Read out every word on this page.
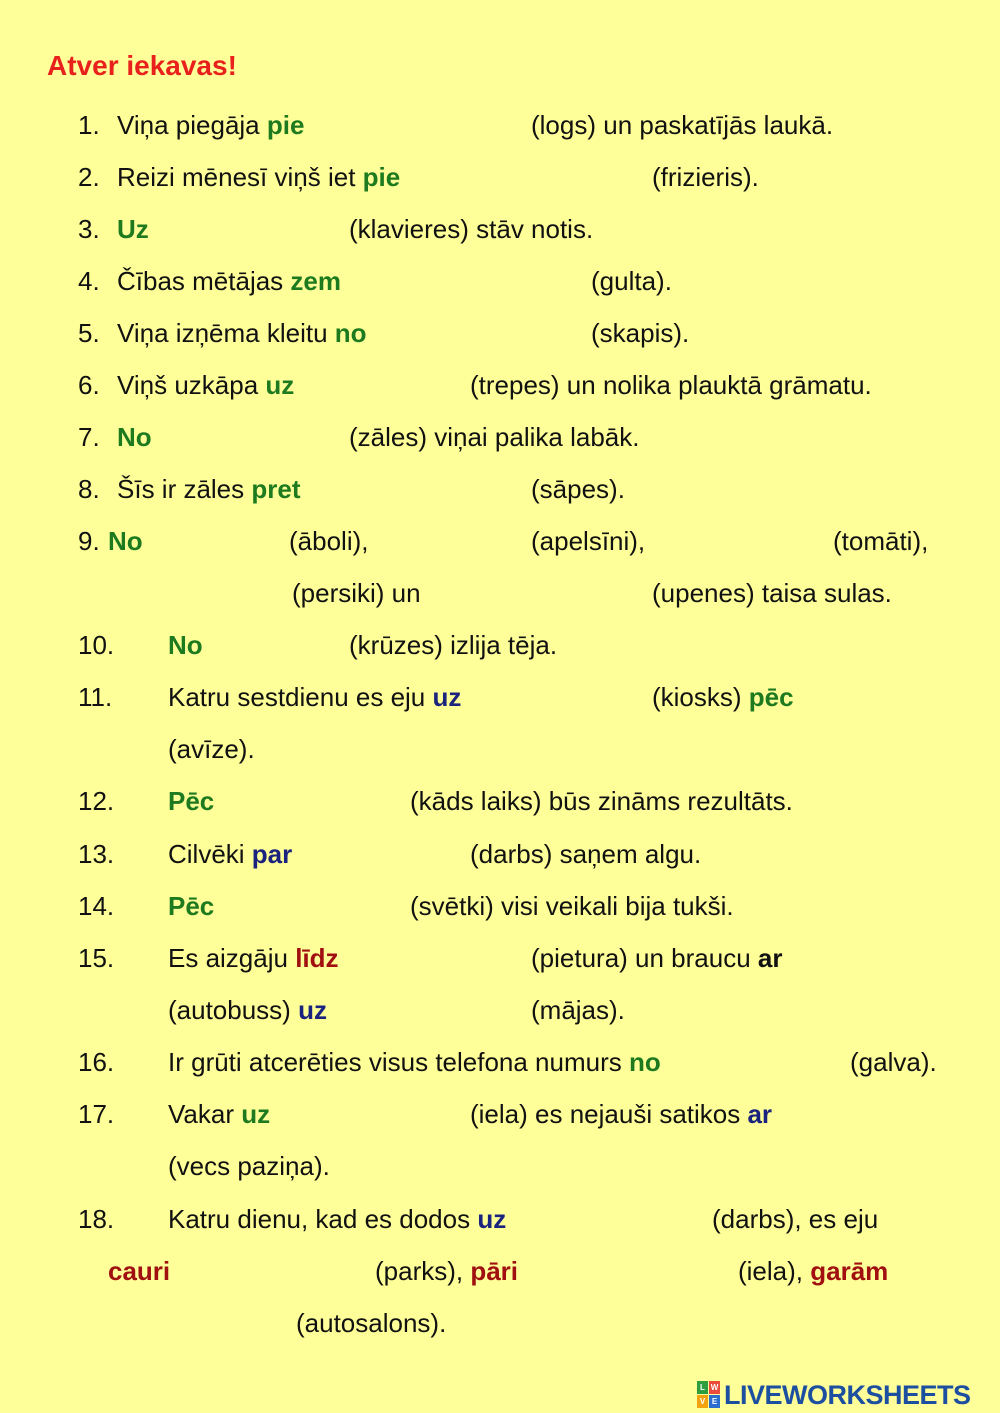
Atver iekavas!
1. Viņa piegāja pie	(logs) un paskatījās laukā.
2. Reizi mēnesī viņš iet pie	(frizieris).
3. Uz	(klavieres) stāv notis.
4. Čības mētājas zem	(gulta).
5. Viņa izņēma kleitu no	(skapis).
6. Viņš uzkāpa uz	(trepes) un nolika plauktā grāmatu.
7. No	(zāles) viņai palika labāk.
8. Šīs ir zāles pret	(sāpes).
9. No	(āboli),	(apelsīni),	(tomāti),
(persiki) un	(upenes) taisa sulas.
10. No	(krūzes) izlija tēja.
11. Katru sestdienu es eju uz	(kiosks) pēc
(avīze).
12. Pēc	(kāds laiks) būs zināms rezultāts.
13. Cilvēki par	(darbs) saņem algu.
14. Pēc	(svētki) visi veikali bija tukši.
15. Es aizgāju līdz	(pietura) un braucu ar
(autobuss) uz	(mājas).
16. Ir grūti atcerēties visus telefona numurs no	(galva).
17. Vakar uz	(iela) es nejauši satikos ar
(vecs paziņa).
18. Katru dienu, kad es dodos uz	(darbs), es eju
cauri	(parks), pāri	(iela), garām
(autosalons).
L W
V E LIVEWORKSHEETS
